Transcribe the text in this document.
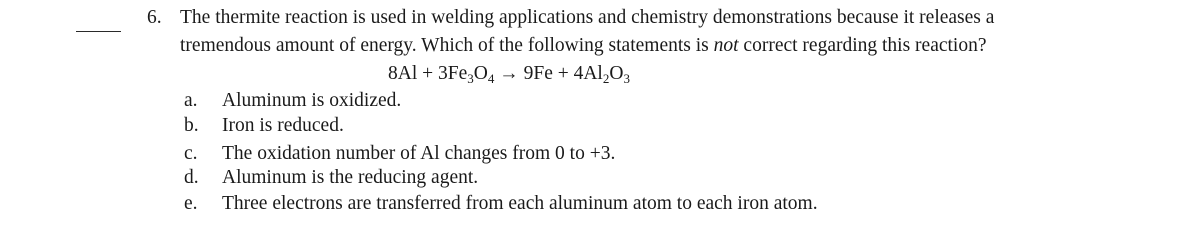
6. The thermite reaction is used in welding applications and chemistry demonstrations because it releases a
tremendous amount of energy. Which of the following statements is not correct regarding this reaction?
$8Al + 3Fe_3O_4 \to 9Fe + 4Al_2O_3$
a. Aluminum is oxidized.
b. Iron is reduced.
c. The oxidation number of Al changes from 0 to +3.
d. Aluminum is the reducing agent.
e. Three electrons are transferred from each aluminum atom to each iron atom.
